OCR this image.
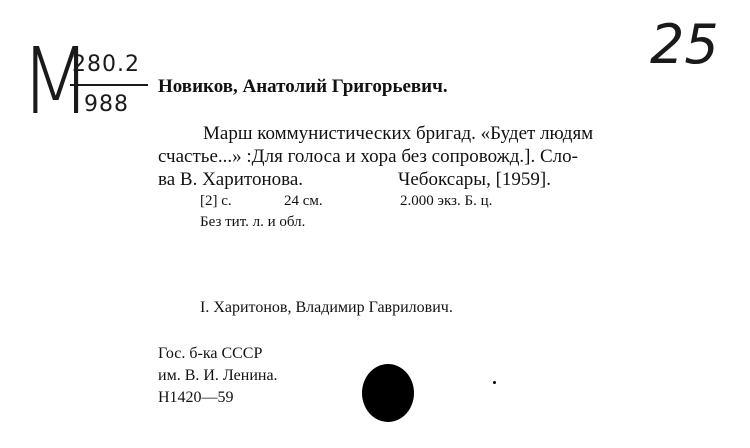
M
280.2
988
25
Новиков, Анатолий Григорьевич.
Марш коммунистических бригад. «Будет людям
счастье...» :Для голоса и хора без сопровожд.]. Сло-
ва В. Харитонова.	Чебоксары, [1959].
[2] с.	24 см.	2.000 экз. Б. ц.
Без тит. л. и обл.
I. Харитонов, Владимир Гаврилович.
Гос. б-ка СССР
им. В. И. Ленина.
Н1420—59
